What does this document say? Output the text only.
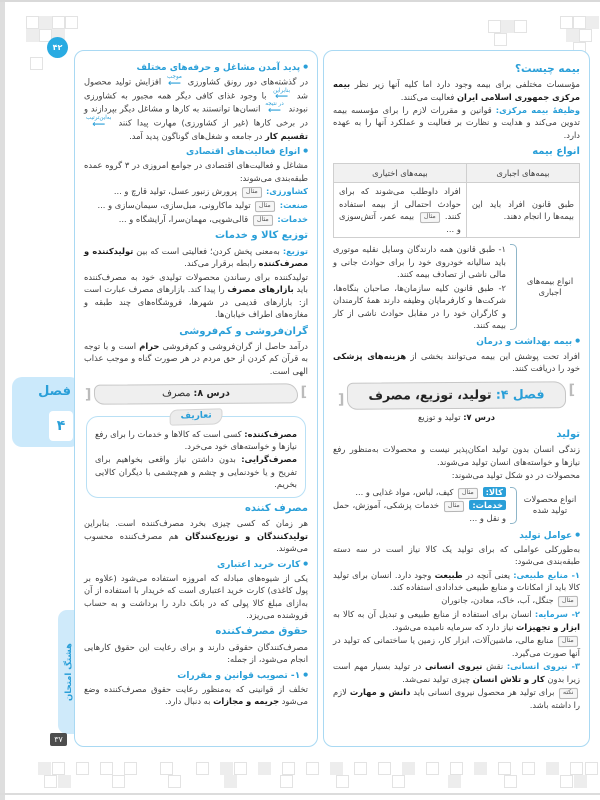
۴۲
فصل
۴
هشتگ امتحان
۳۷
بیمه چیست؟

مؤسسات مختلفی برای بیمه وجود دارد اما کلیه آنها زیر نظر بیمه مرکزی جمهوری اسلامی ایران فعالیت می‌کنند.

وظیفهٔ بیمه مرکزی: قوانین و مقررات لازم را برای مؤسسه بیمه تدوین می‌کند و هدایت و نظارت بر فعالیت و عملکرد آنها را به عهده دارد.

انواع بیمه
بیمه‌های اجباری	بیمه‌های اختیاری
طبق قانون افراد باید این بیمه‌ها را انجام دهند.	افراد داوطلب می‌شوند که برای حوادث احتمالی از بیمه استفاده کنند. مثال بیمه عمر، آتش‌سوزی و ...
انواع بیمه‌های اجباری

۱- طبق قانون همه دارندگان وسایل نقلیه موتوری باید سالیانه خودروی خود را برای حوادث جانی و مالی ناشی از تصادف بیمه کنند.

۲- طبق قانون کلیه سازمان‌ها، صاحبان بنگاه‌ها، شرکت‌ها و کارفرمایان وظیفه دارند همهٔ کارمندان و کارگران خود را در مقابل حوادث ناشی از کار بیمه کنند.

● بیمه بهداشت و درمان

افراد تحت پوشش این بیمه می‌توانند بخشی از هزینه‌های پزشکی خود را دریافت کنند.

] فصل ۴: تولید، توزیع، مصرف [

درس ۷: تولید و توزیع

تولید

زندگی انسان بدون تولید امکان‌پذیر نیست و محصولات به‌منظور رفع نیازها و خواسته‌های انسان تولید می‌شوند.

محصولات در دو شکل تولید می‌شوند:

انواع محصولات تولید شده

کالا: مثال کیف، لباس، مواد غذایی و ...

خدمات: مثال خدمات پزشکی، آموزش، حمل و نقل و ...

● عوامل تولید

به‌طورکلی عواملی که برای تولید یک کالا نیاز است در سه دسته طبقه‌بندی می‌شود:

۱- منابع طبیعی: یعنی آنچه در طبیعت وجود دارد. انسان برای تولید کالا باید از امکانات و منابع طبیعی خدادادی استفاده کند.

مثال جنگل، آب، خاک، معادن، جانوران

۲- سرمایه: انسان برای استفاده از منابع طبیعی و تبدیل آن به کالا به ابزار و تجهیزات نیاز دارد که سرمایه نامیده می‌شود.

مثال منابع مالی، ماشین‌آلات، ابزار کار، زمین یا ساختمانی که تولید در آنها صورت می‌گیرد.

۳- نیروی انسانی: نقش نیروی انسانی در تولید بسیار مهم است زیرا بدون کار و تلاش انسان چیزی تولید نمی‌شد.

نکته برای تولید هر محصول نیروی انسانی باید دانش و مهارت لازم را داشته باشد.

● پدید آمدن مشاغل و حرفه‌های مختلف

در گذشته‌های دور رونق کشاورزی
موجب
⟵
افزایش تولید محصول شد
بنابراین
⟵
با وجود غذای کافی دیگر همه مجبور به کشاورزی نبودند
در نتیجه
⟵
انسان‌ها توانستند به کارها و مشاغل دیگر بپردازند و در برخی کارها (غیر از کشاورزی) مهارت پیدا کنند
به‌این‌ترتیب
⟵
تقسیم کار در جامعه و شغل‌های گوناگون پدید آمد.

● انواع فعالیت‌های اقتصادی

مشاغل و فعالیت‌های اقتصادی در جوامع امروزی در ۳ گروه عمده طبقه‌بندی می‌شوند:

کشاورزی: مثال پرورش زنبور عسل، تولید قارچ و ...

صنعت: مثال تولید ماکارونی، مبل‌سازی، سیمان‌سازی و ...

خدمات: مثال قالی‌شویی، مهمان‌سرا، آرایشگاه و ...

توزیع کالا و خدمات

توزیع: به‌معنی پخش کردن؛ فعالیتی است که بین تولیدکننده و مصرف‌کننده رابطه برقرار می‌کند.

تولیدکننده برای رساندن محصولات تولیدی خود به مصرف‌کننده باید بازارهای مصرف را پیدا کند. بازارهای مصرف عبارت است از: بازارهای قدیمی در شهرها، فروشگاه‌های چند طبقه و مغازه‌های اطراف خیابان‌ها.

گران‌فروشی و کم‌فروشی

درآمد حاصل از گران‌فروشی و کم‌فروشی حرام است و با توجه به قرآن کم کردن از حق مردم در هر صورت گناه و موجب عذاب الهی است.

] درس ۸: مصرف [
تعاریف

مصرف‌کننده: کسی است که کالاها و خدمات را برای رفع نیازها و خواسته‌های خود می‌خرد.

مصرف‌گرایی: بدون داشتن نیاز واقعی بخواهیم برای تفریح و یا خودنمایی و چشم و هم‌چشمی با دیگران کالایی بخریم.

مصرف کننده

هر زمان که کسی چیزی بخرد مصرف‌کننده است. بنابراین تولیدکنندگان و توزیع‌کنندگان هم مصرف‌کننده محسوب می‌شوند.

● کارت خرید اعتباری

یکی از شیوه‌های مبادله که امروزه استفاده می‌شود (علاوه بر پول کاغذی) کارت خرید اعتباری است که خریدار با استفاده از آن به‌ازای مبلغ کالا پولی که در بانک دارد را برداشت و به حساب فروشنده می‌ریزد.

حقوق مصرف‌کننده

مصرف‌کنندگان حقوقی دارند و برای رعایت این حقوق کارهایی انجام می‌شود، از جمله:

● ۱- تصویب قوانین و مقررات

تخلف از قوانینی که به‌منظور رعایت حقوق مصرف‌کننده وضع می‌شود جریمه و مجازات به دنبال دارد.
